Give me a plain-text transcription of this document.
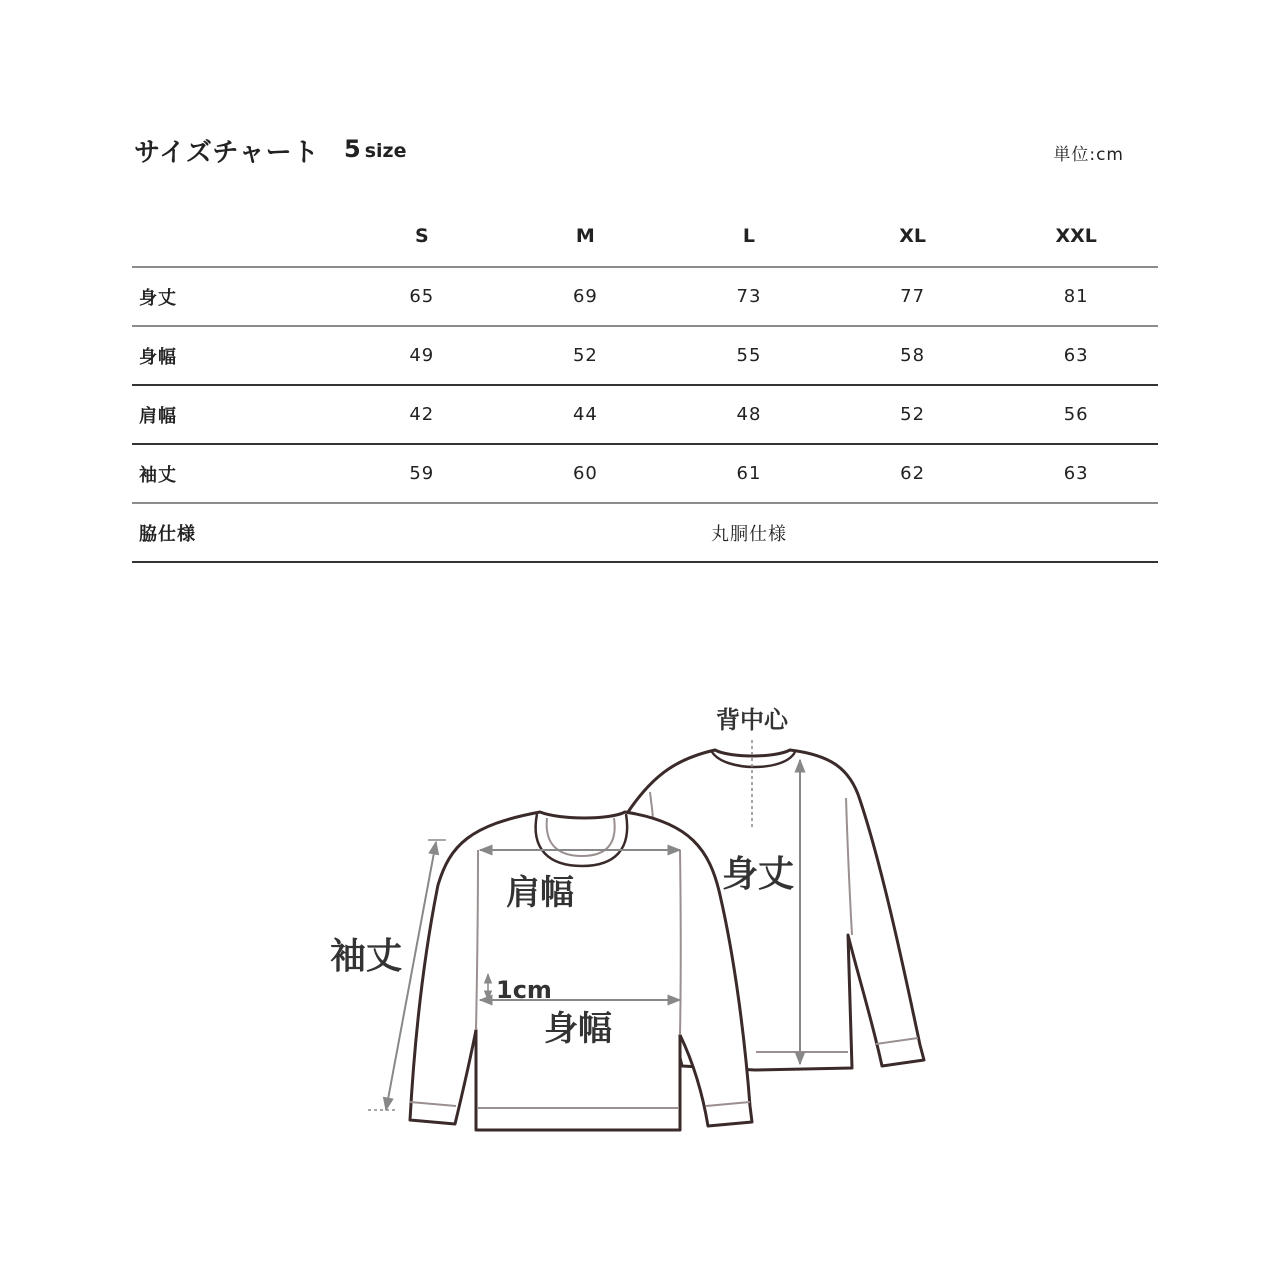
サイズチャート 5 size	単位:cm
	S	M	L	XL	XXL
身丈	65	69	73	77	81
身幅	49	52	55	58	63
肩幅	42	44	48	52	56
袖丈	59	60	61	62	63
脇仕様	丸胴仕様				
背中心
身丈
肩幅
袖丈
1cm
身幅
